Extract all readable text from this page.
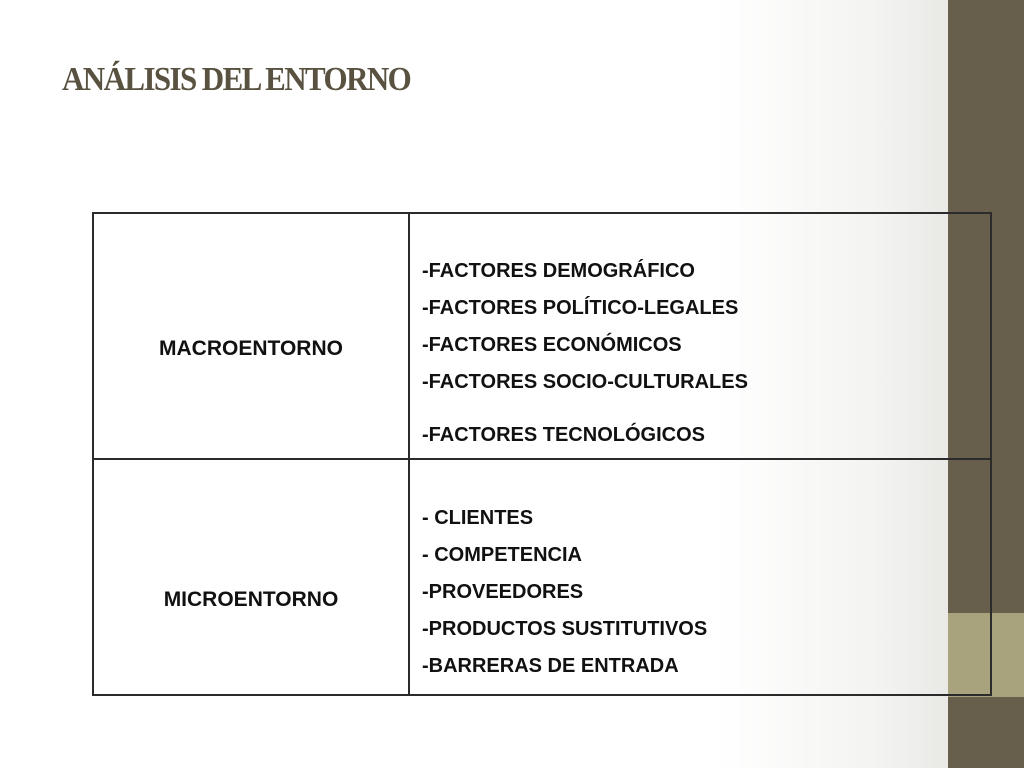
ANÁLISIS DEL ENTORNO
MACROENTORNO
-FACTORES DEMOGRÁFICO
-FACTORES POLÍTICO-LEGALES
-FACTORES ECONÓMICOS
-FACTORES SOCIO-CULTURALES
-FACTORES TECNOLÓGICOS
MICROENTORNO
- CLIENTES
- COMPETENCIA
-PROVEEDORES
-PRODUCTOS SUSTITUTIVOS
-BARRERAS DE ENTRADA
